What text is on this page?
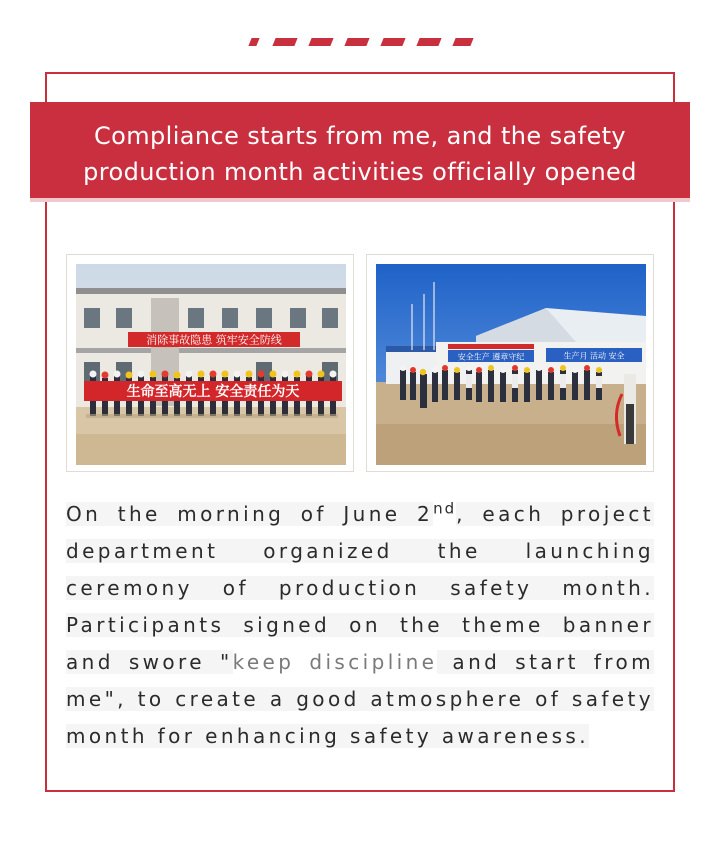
Compliance starts from me, and the safety
production month activities officially opened
消除事故隐患 筑牢安全防线
生命至高无上 安全责任为天
安全生产 遵章守纪	生产月 活动 安全
On the morning of June 2nd, each project department organized the launching ceremony of production safety month. Participants signed on the theme banner and swore "keep discipline and start from me", to create a good atmosphere of safety month for enhancing safety awareness.
